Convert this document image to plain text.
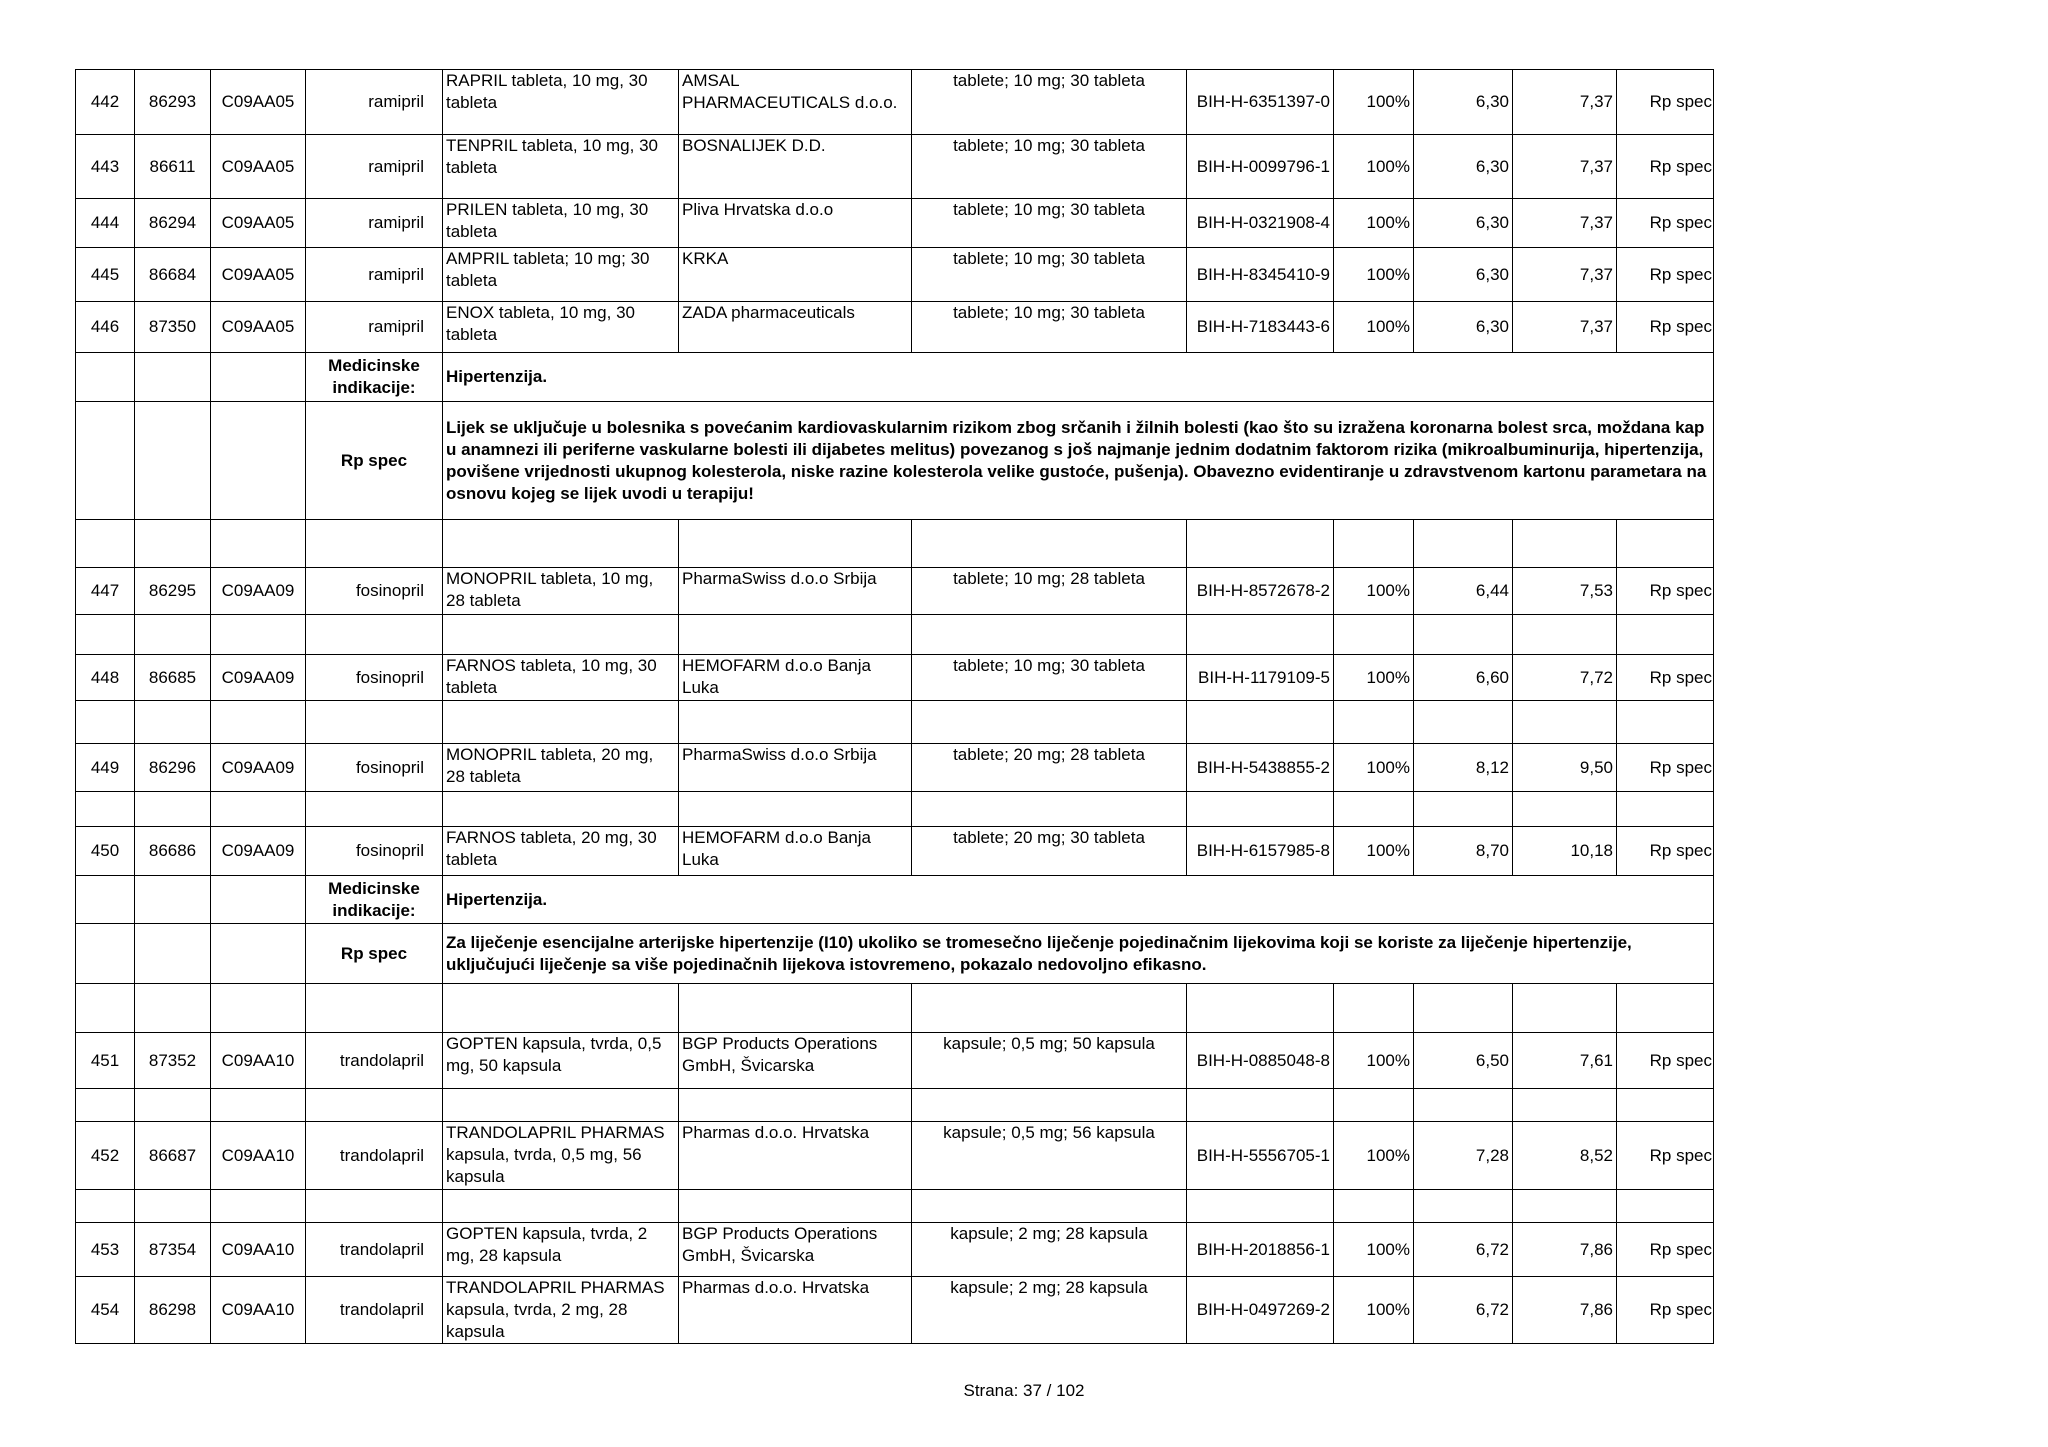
442	86293	C09AA05	ramipril	RAPRIL tableta, 10 mg, 30 tableta	AMSAL PHARMACEUTICALS d.o.o.	tablete; 10 mg; 30 tableta	BIH-H-6351397-0	100%	6,30	7,37	Rp spec
443	86611	C09AA05	ramipril	TENPRIL tableta, 10 mg, 30 tableta	BOSNALIJEK D.D.	tablete; 10 mg; 30 tableta	BIH-H-0099796-1	100%	6,30	7,37	Rp spec
444	86294	C09AA05	ramipril	PRILEN tableta, 10 mg, 30 tableta	Pliva Hrvatska d.o.o	tablete; 10 mg; 30 tableta	BIH-H-0321908-4	100%	6,30	7,37	Rp spec
445	86684	C09AA05	ramipril	AMPRIL tableta; 10 mg; 30 tableta	KRKA	tablete; 10 mg; 30 tableta	BIH-H-8345410-9	100%	6,30	7,37	Rp spec
446	87350	C09AA05	ramipril	ENOX tableta, 10 mg, 30 tableta	ZADA pharmaceuticals	tablete; 10 mg; 30 tableta	BIH-H-7183443-6	100%	6,30	7,37	Rp spec
			Medicinske indikacije:	Hipertenzija.							
			Rp spec	Lijek se uključuje u bolesnika s povećanim kardiovaskularnim rizikom zbog srčanih i žilnih bolesti (kao što su izražena koronarna bolest srca, moždana kap u anamnezi ili periferne vaskularne bolesti ili dijabetes melitus) povezanog s još najmanje jednim dodatnim faktorom rizika (mikroalbuminurija, hipertenzija, povišene vrijednosti ukupnog kolesterola, niske razine kolesterola velike gustoće, pušenja). Obavezno evidentiranje u zdravstvenom kartonu parametara na osnovu kojeg se lijek uvodi u terapiju!							

447	86295	C09AA09	fosinopril	MONOPRIL tableta, 10 mg, 28 tableta	PharmaSwiss d.o.o Srbija	tablete; 10 mg; 28 tableta	BIH-H-8572678-2	100%	6,44	7,53	Rp spec

448	86685	C09AA09	fosinopril	FARNOS tableta, 10 mg, 30 tableta	HEMOFARM d.o.o Banja Luka	tablete; 10 mg; 30 tableta	BIH-H-1179109-5	100%	6,60	7,72	Rp spec

449	86296	C09AA09	fosinopril	MONOPRIL tableta, 20 mg, 28 tableta	PharmaSwiss d.o.o Srbija	tablete; 20 mg; 28 tableta	BIH-H-5438855-2	100%	8,12	9,50	Rp spec

450	86686	C09AA09	fosinopril	FARNOS tableta, 20 mg, 30 tableta	HEMOFARM d.o.o Banja Luka	tablete; 20 mg; 30 tableta	BIH-H-6157985-8	100%	8,70	10,18	Rp spec
			Medicinske indikacije:	Hipertenzija.							
			Rp spec	Za liječenje esencijalne arterijske hipertenzije (I10) ukoliko se tromesečno liječenje pojedinačnim lijekovima koji se koriste za liječenje hipertenzije, uključujući liječenje sa više pojedinačnih lijekova istovremeno, pokazalo nedovoljno efikasno.							

451	87352	C09AA10	trandolapril	GOPTEN kapsula, tvrda, 0,5 mg, 50 kapsula	BGP Products Operations GmbH, Švicarska	kapsule; 0,5 mg; 50 kapsula	BIH-H-0885048-8	100%	6,50	7,61	Rp spec

452	86687	C09AA10	trandolapril	TRANDOLAPRIL PHARMAS kapsula, tvrda, 0,5 mg, 56 kapsula	Pharmas d.o.o. Hrvatska	kapsule; 0,5 mg; 56 kapsula	BIH-H-5556705-1	100%	7,28	8,52	Rp spec

453	87354	C09AA10	trandolapril	GOPTEN kapsula, tvrda, 2 mg, 28 kapsula	BGP Products Operations GmbH, Švicarska	kapsule; 2 mg; 28 kapsula	BIH-H-2018856-1	100%	6,72	7,86	Rp spec
454	86298	C09AA10	trandolapril	TRANDOLAPRIL PHARMAS kapsula, tvrda, 2 mg, 28 kapsula	Pharmas d.o.o. Hrvatska	kapsule; 2 mg; 28 kapsula	BIH-H-0497269-2	100%	6,72	7,86	Rp spec
Strana: 37 / 102
